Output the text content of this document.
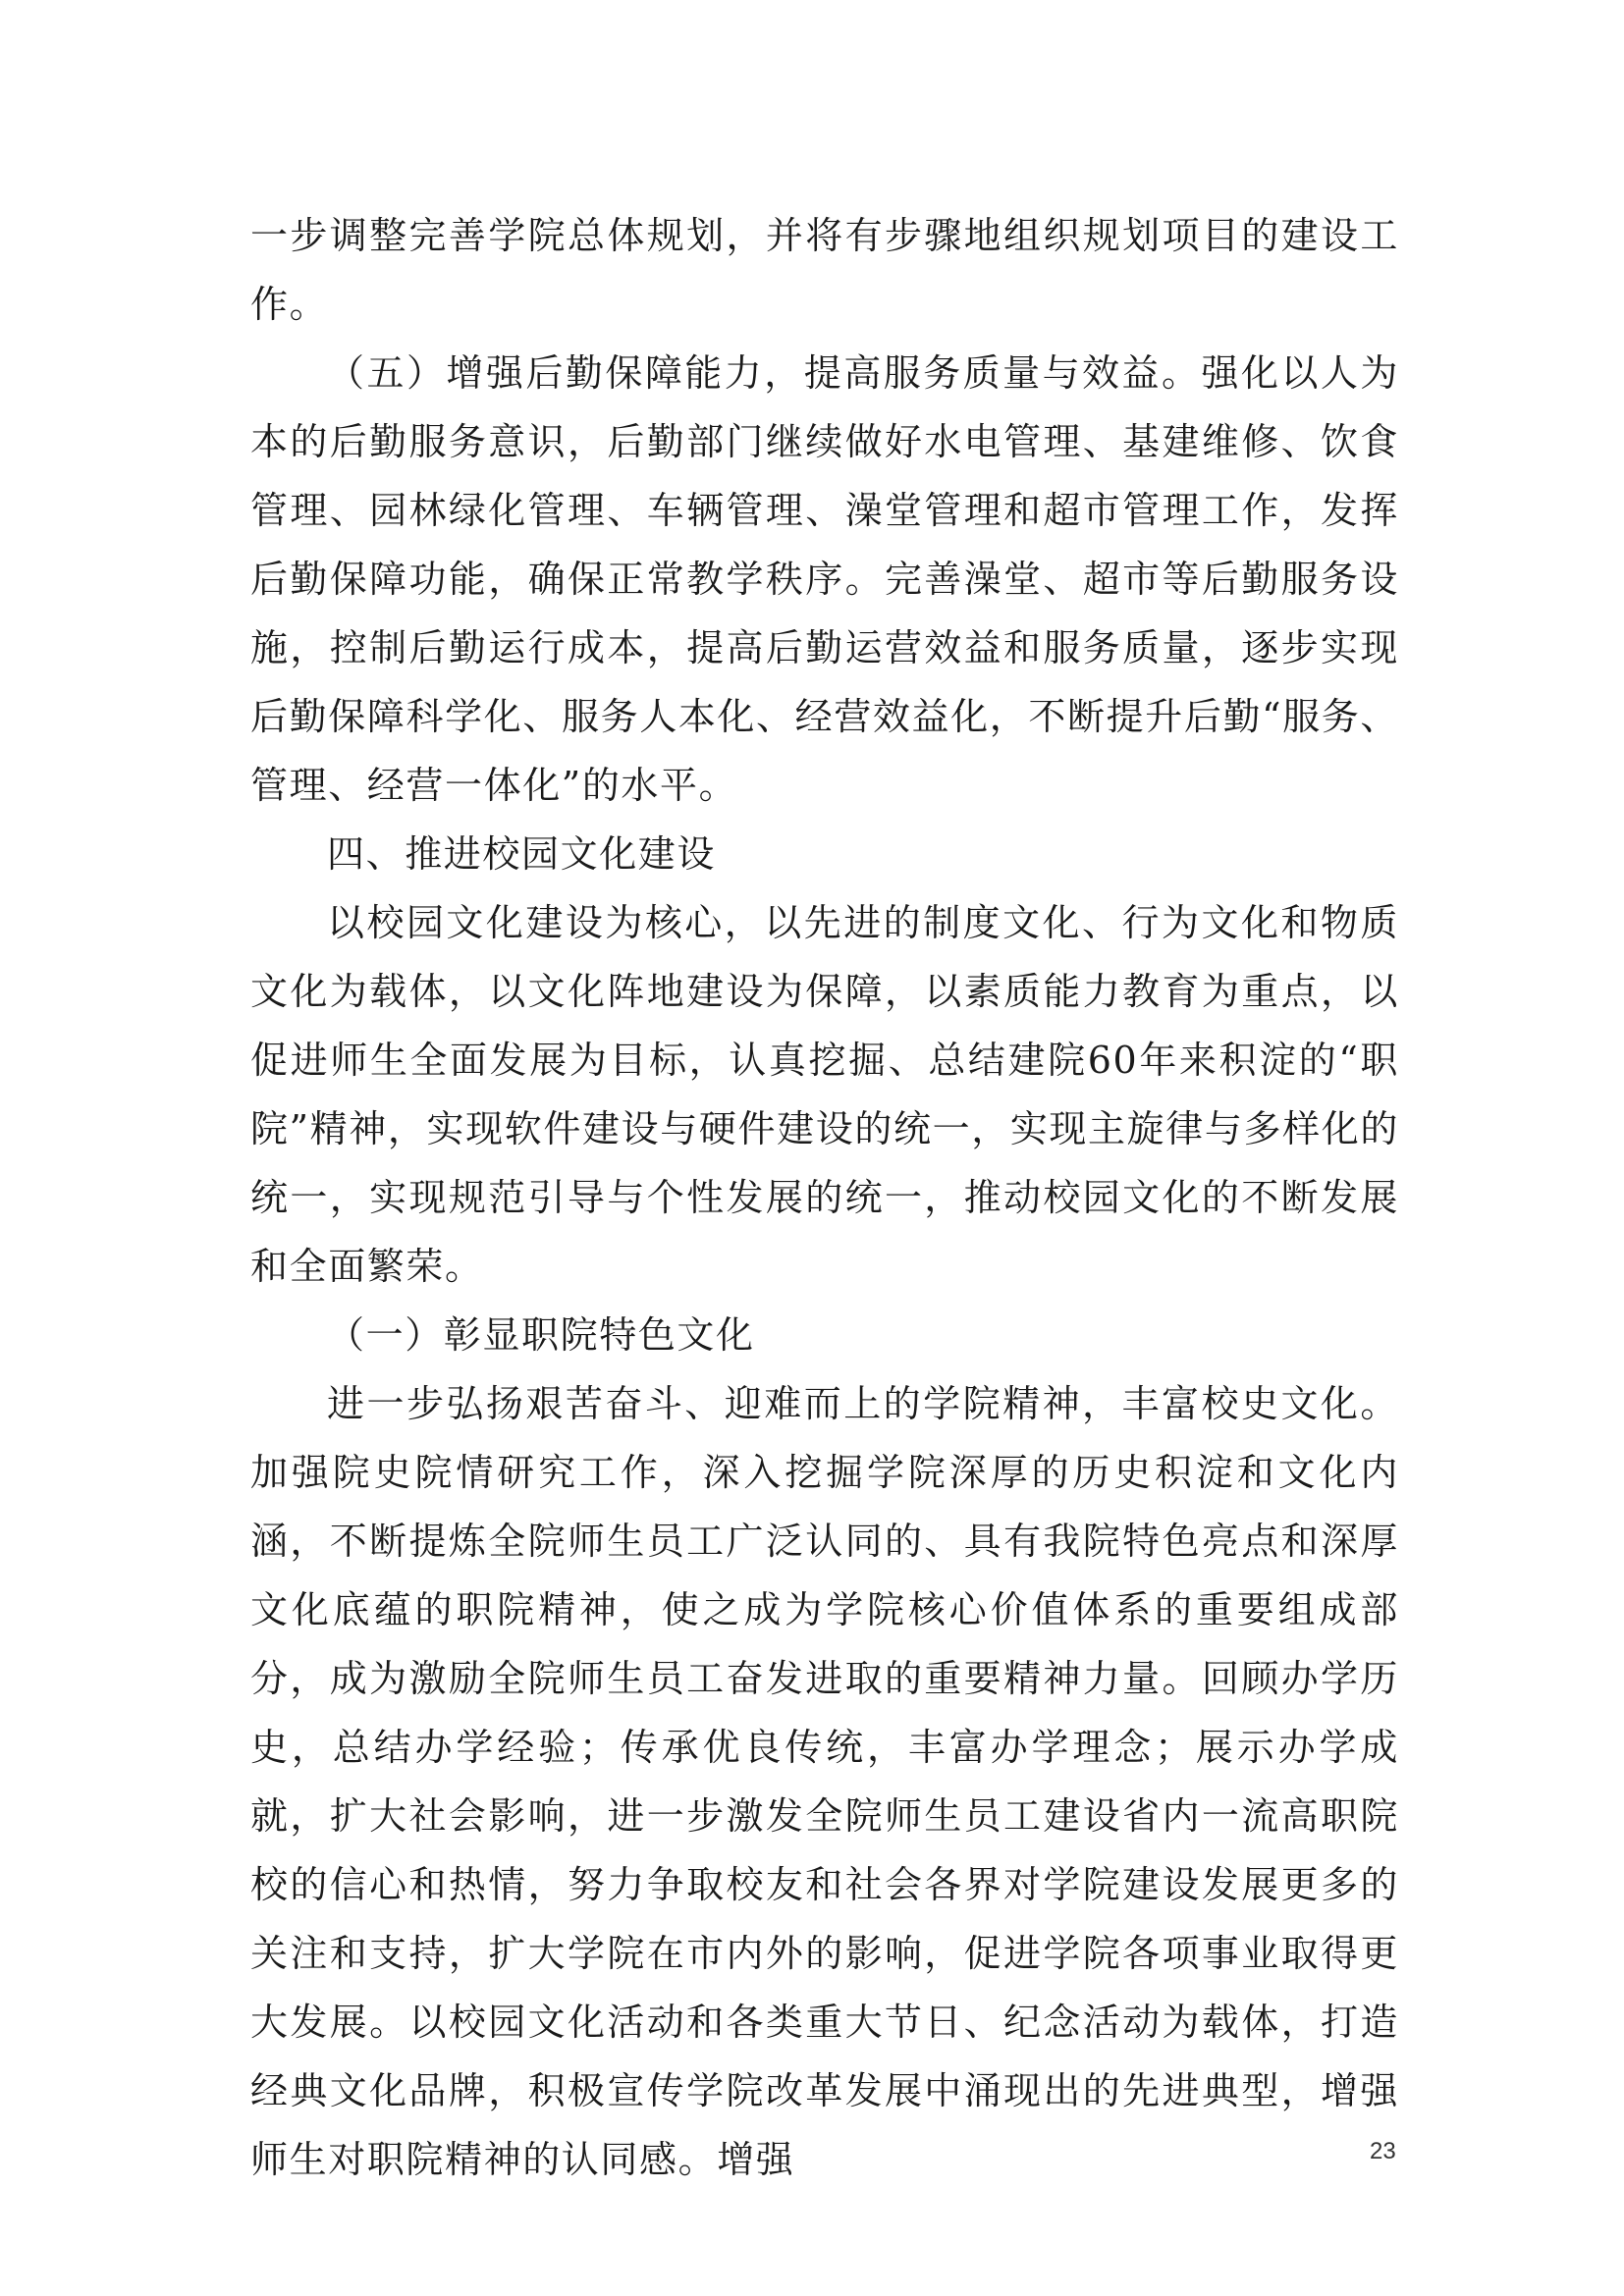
一步调整完善学院总体规划，并将有步骤地组织规划项目的建设工作。

（五）增强后勤保障能力，提高服务质量与效益。强化以人为本的后勤服务意识，后勤部门继续做好水电管理、基建维修、饮食管理、园林绿化管理、车辆管理、澡堂管理和超市管理工作，发挥后勤保障功能，确保正常教学秩序。完善澡堂、超市等后勤服务设施，控制后勤运行成本，提高后勤运营效益和服务质量，逐步实现后勤保障科学化、服务人本化、经营效益化，不断提升后勤“服务、管理、经营一体化”的水平。

四、推进校园文化建设

以校园文化建设为核心，以先进的制度文化、行为文化和物质文化为载体，以文化阵地建设为保障，以素质能力教育为重点，以促进师生全面发展为目标，认真挖掘、总结建院60年来积淀的“职院”精神，实现软件建设与硬件建设的统一，实现主旋律与多样化的统一，实现规范引导与个性发展的统一，推动校园文化的不断发展和全面繁荣。

（一）彰显职院特色文化

进一步弘扬艰苦奋斗、迎难而上的学院精神，丰富校史文化。加强院史院情研究工作，深入挖掘学院深厚的历史积淀和文化内涵，不断提炼全院师生员工广泛认同的、具有我院特色亮点和深厚文化底蕴的职院精神，使之成为学院核心价值体系的重要组成部分，成为激励全院师生员工奋发进取的重要精神力量。回顾办学历史，总结办学经验；传承优良传统，丰富办学理念；展示办学成就，扩大社会影响，进一步激发全院师生员工建设省内一流高职院校的信心和热情，努力争取校友和社会各界对学院建设发展更多的关注和支持，扩大学院在市内外的影响，促进学院各项事业取得更大发展。以校园文化活动和各类重大节日、纪念活动为载体，打造经典文化品牌，积极宣传学院改革发展中涌现出的先进典型，增强师生对职院精神的认同感。增强	23
